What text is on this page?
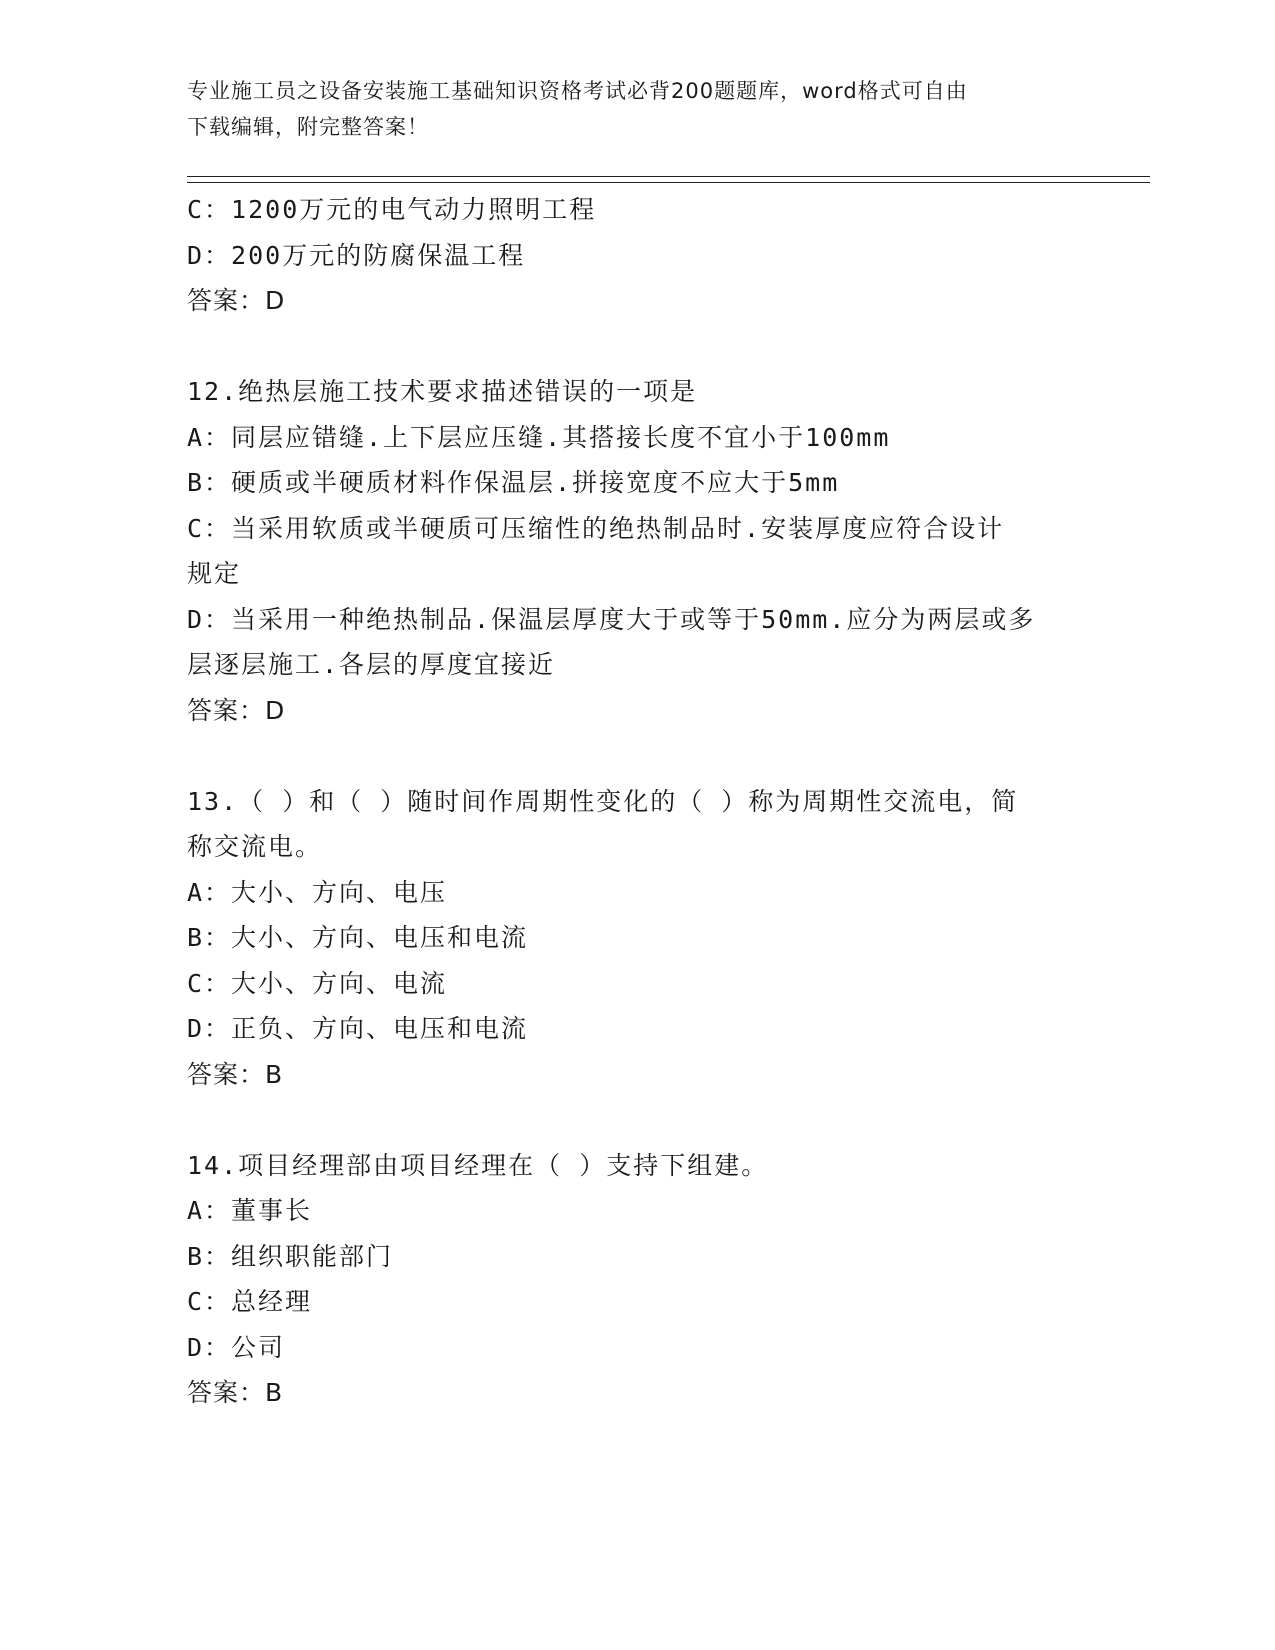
专业施工员之设备安装施工基础知识资格考试必背200题题库，word格式可自由
下载编辑，附完整答案！
C：1200万元的电气动力照明工程
D：200万元的防腐保温工程
答案：D
12.绝热层施工技术要求描述错误的一项是
A：同层应错缝.上下层应压缝.其搭接长度不宜小于100mm
B：硬质或半硬质材料作保温层.拼接宽度不应大于5mm
C：当采用软质或半硬质可压缩性的绝热制品时.安装厚度应符合设计
规定
D：当采用一种绝热制品.保温层厚度大于或等于50mm.应分为两层或多
层逐层施工.各层的厚度宜接近
答案：D
13.（ ）和（ ）随时间作周期性变化的（ ）称为周期性交流电，简
称交流电。
A：大小、方向、电压
B：大小、方向、电压和电流
C：大小、方向、电流
D：正负、方向、电压和电流
答案：B
14.项目经理部由项目经理在（ ）支持下组建。
A：董事长
B：组织职能部门
C：总经理
D：公司
答案：B
